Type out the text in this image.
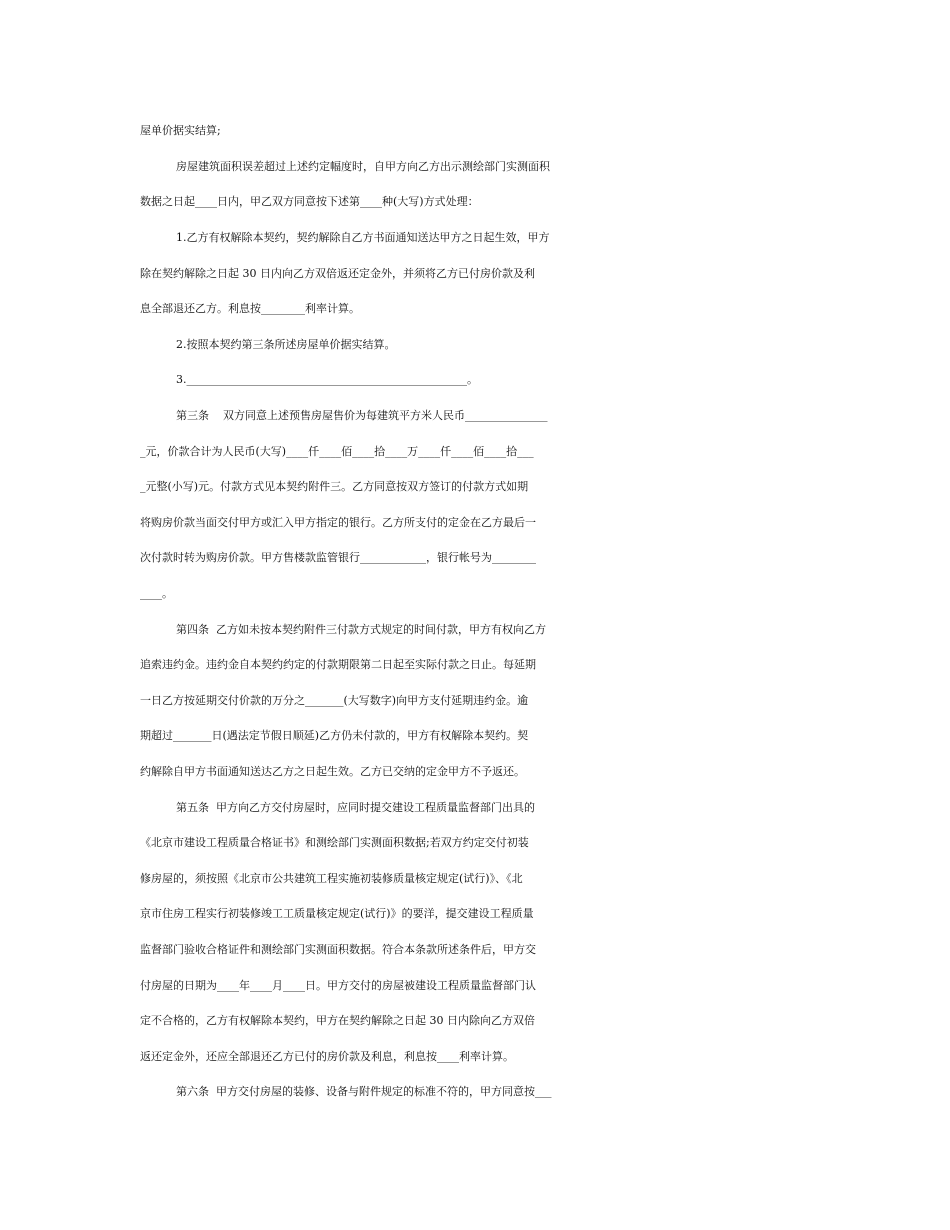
屋单价据实结算;

房屋建筑面积误差超过上述约定幅度时，自甲方向乙方出示测绘部门实测面积

数据之日起____日内，甲乙双方同意按下述第____种(大写)方式处理：

1.乙方有权解除本契约，契约解除自乙方书面通知送达甲方之日起生效，甲方

除在契约解除之日起 30 日内向乙方双倍返还定金外，并须将乙方已付房价款及利

息全部退还乙方。利息按________利率计算。

2.按照本契约第三条所述房屋单价据实结算。

3.___________________________________________________。

第三条    双方同意上述预售房屋售价为每建筑平方米人民币_______________

_元，价款合计为人民币(大写)____仟____佰____拾____万____仟____佰____拾___

_元整(小写)元。付款方式见本契约附件三。乙方同意按双方签订的付款方式如期

将购房价款当面交付甲方或汇入甲方指定的银行。乙方所支付的定金在乙方最后一

次付款时转为购房价款。甲方售楼款监管银行____________，银行帐号为________

____。

第四条  乙方如未按本契约附件三付款方式规定的时间付款，甲方有权向乙方

追索违约金。违约金自本契约约定的付款期限第二日起至实际付款之日止。每延期

一日乙方按延期交付价款的万分之_______(大写数字)向甲方支付延期违约金。逾

期超过_______日(遇法定节假日顺延)乙方仍未付款的，甲方有权解除本契约。契

约解除自甲方书面通知送达乙方之日起生效。乙方已交纳的定金甲方不予返还。

第五条  甲方向乙方交付房屋时，应同时提交建设工程质量监督部门出具的

《北京市建设工程质量合格证书》和测绘部门实测面积数据;若双方约定交付初装

修房屋的，须按照《北京市公共建筑工程实施初装修质量核定规定(试行)》、《北

京市住房工程实行初装修竣工工质量核定规定(试行)》的要洋，提交建设工程质量

监督部门验收合格证件和测绘部门实测面积数据。符合本条款所述条件后，甲方交

付房屋的日期为____年____月____日。甲方交付的房屋被建设工程质量监督部门认

定不合格的，乙方有权解除本契约，甲方在契约解除之日起 30 日内除向乙方双倍

返还定金外，还应全部退还乙方已付的房价款及利息，利息按____利率计算。

第六条  甲方交付房屋的装修、设备与附件规定的标准不符的，甲方同意按___
